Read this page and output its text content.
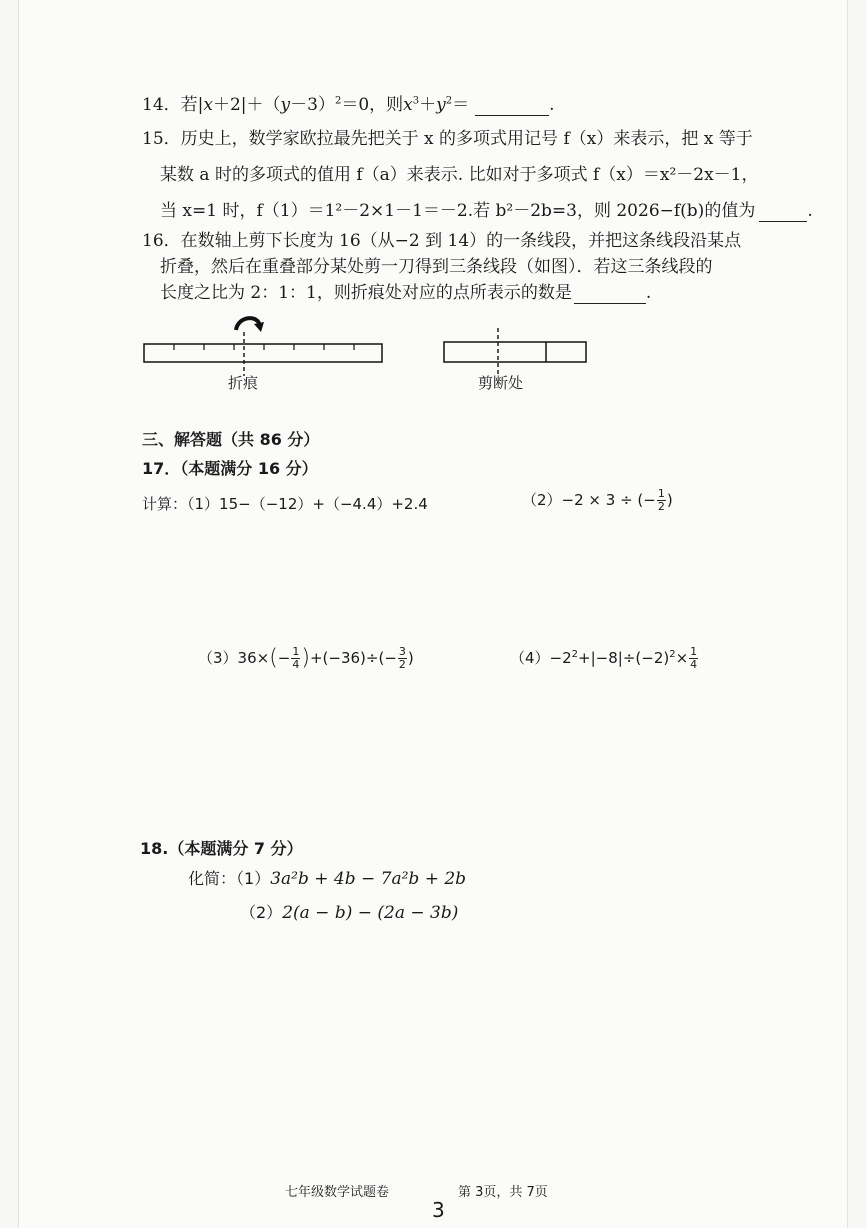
14．若$|x+2|+(y-3)^2=0$，则$x^3+y^2=$	.
15．历史上，数学家欧拉最先把关于 x 的多项式用记号 f（x）来表示，把 x 等于
某数 a 时的多项式的值用 f（a）来表示. 比如对于多项式 f（x）＝x²－2x－1，
当 x=1 时，f（1）＝1²－2×1－1＝－2.若 b²－2b=3，则 2026−f(b)的值为	.
16．在数轴上剪下长度为 16（从−2 到 14）的一条线段，并把这条线段沿某点
折叠，然后在重叠部分某处剪一刀得到三条线段（如图）．若这三条线段的
长度之比为 2：1：1，则折痕处对应的点所表示的数是	.
折痕	剪断处
三、解答题（共 86 分）
17．（本题满分 16 分）
计算：（1）15−（−12）+（−4.4）+2.4	（2）−2 × 3 ÷ (− $\frac{1}{2}$ )
$(3)36\times(- \frac{1}{4} )+(-36)\div(- \frac{3}{2}$ )	$(4)-2^2+|-8|\div(-2)^2\times \frac{1}{4}$
18.（本题满分 7 分）
化简：（1）3a²b + 4b − 7a²b + 2b
（2）2(a − b) − (2a − 3b)
七年级数学试题卷	第 3页，共 7页
3
